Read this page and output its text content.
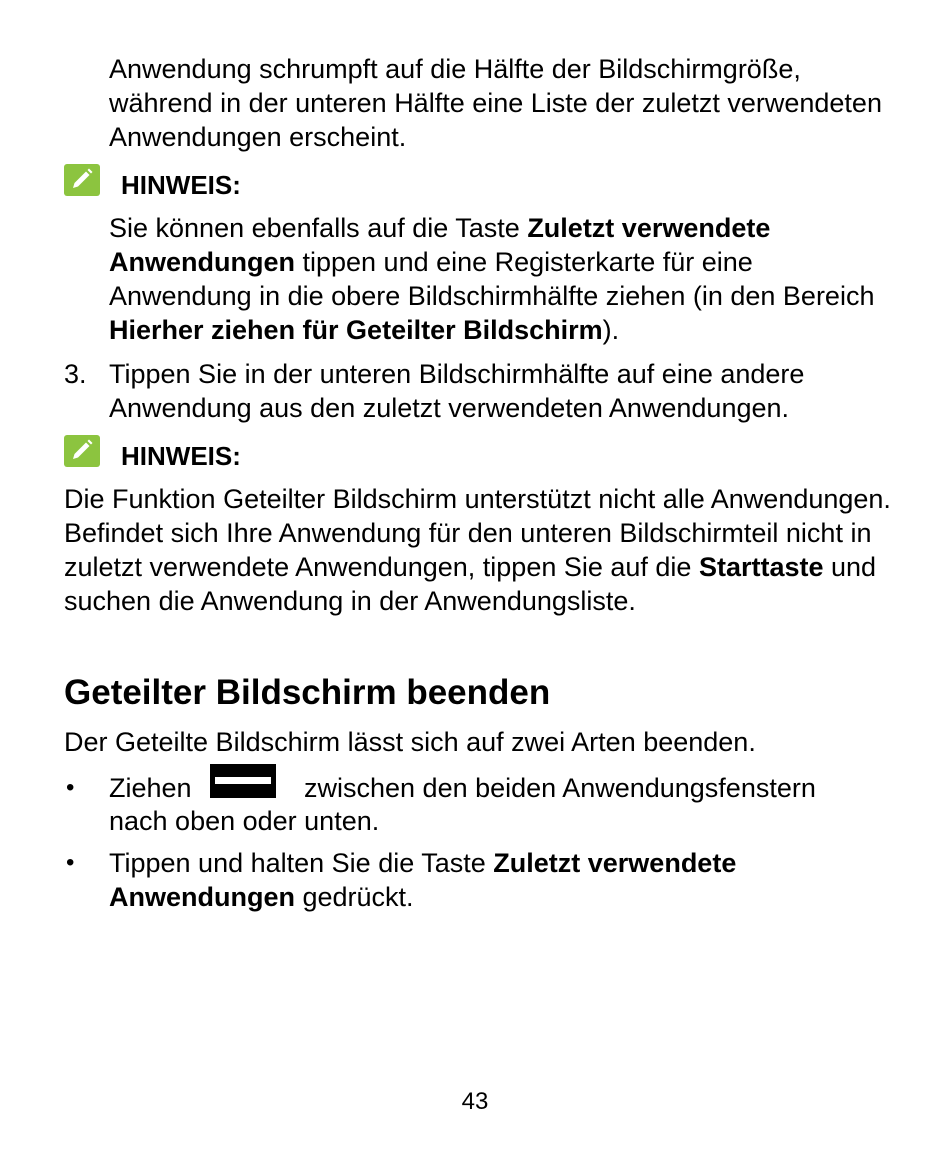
Anwendung schrumpft auf die Hälfte der Bildschirmgröße, während in der unteren Hälfte eine Liste der zuletzt verwendeten Anwendungen erscheint.

HINWEIS:

Sie können ebenfalls auf die Taste Zuletzt verwendete Anwendungen tippen und eine Registerkarte für eine Anwendung in die obere Bildschirmhälfte ziehen (in den Bereich Hierher ziehen für Geteilter Bildschirm).

3. Tippen Sie in der unteren Bildschirmhälfte auf eine andere Anwendung aus den zuletzt verwendeten Anwendungen.

HINWEIS:

Die Funktion Geteilter Bildschirm unterstützt nicht alle Anwendungen. Befindet sich Ihre Anwendung für den unteren Bildschirmteil nicht in zuletzt verwendete Anwendungen, tippen Sie auf die Starttaste und suchen die Anwendung in der Anwendungsliste.

Geteilter Bildschirm beenden

Der Geteilte Bildschirm lässt sich auf zwei Arten beenden.

• Ziehen	zwischen den beiden Anwendungsfenstern
nach oben oder unten.
• Tippen und halten Sie die Taste Zuletzt verwendete Anwendungen gedrückt.

43
